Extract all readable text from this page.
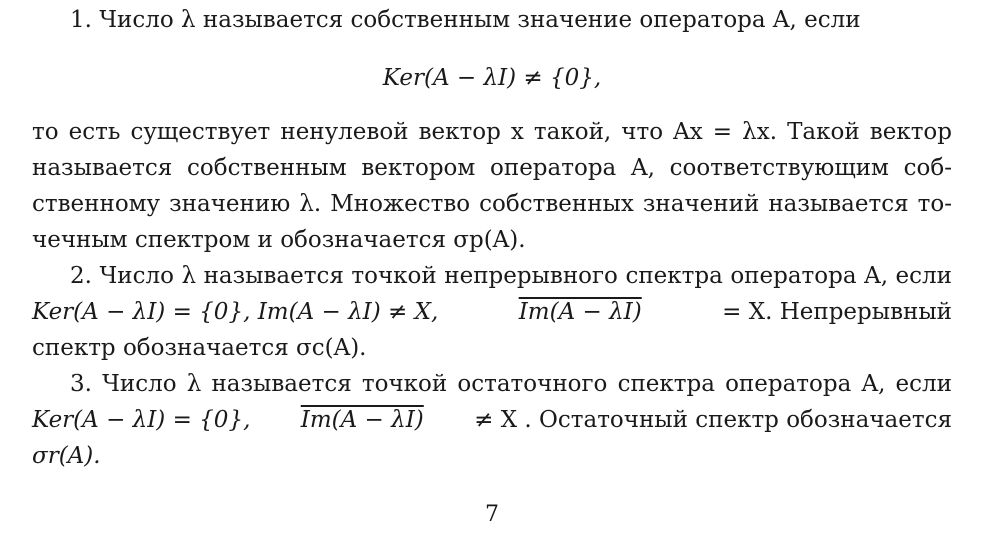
1. Число λ называется собственным значение оператора A, если
Ker(A − λI) ≠ {0},
то есть существует ненулевой вектор x такой, что Ax = λx. Такой вектор
называется собственным вектором оператора A, соответствующим соб-
ственному значению λ. Множество собственных значений называется то-
чечным спектром и обозначается σp(A).
2. Число λ называется точкой непрерывного спектра оператора A, если
Ker(A − λI) = {0}, Im(A − λI) ≠ X,	Im(A − λI)	= X. Непрерывный
спектр обозначается σc(A).
3. Число λ называется точкой остаточного спектра оператора A, если
Ker(A − λI) = {0}, Im(A − λI) ≠ X . Остаточный спектр обозначается
σr(A).
7
